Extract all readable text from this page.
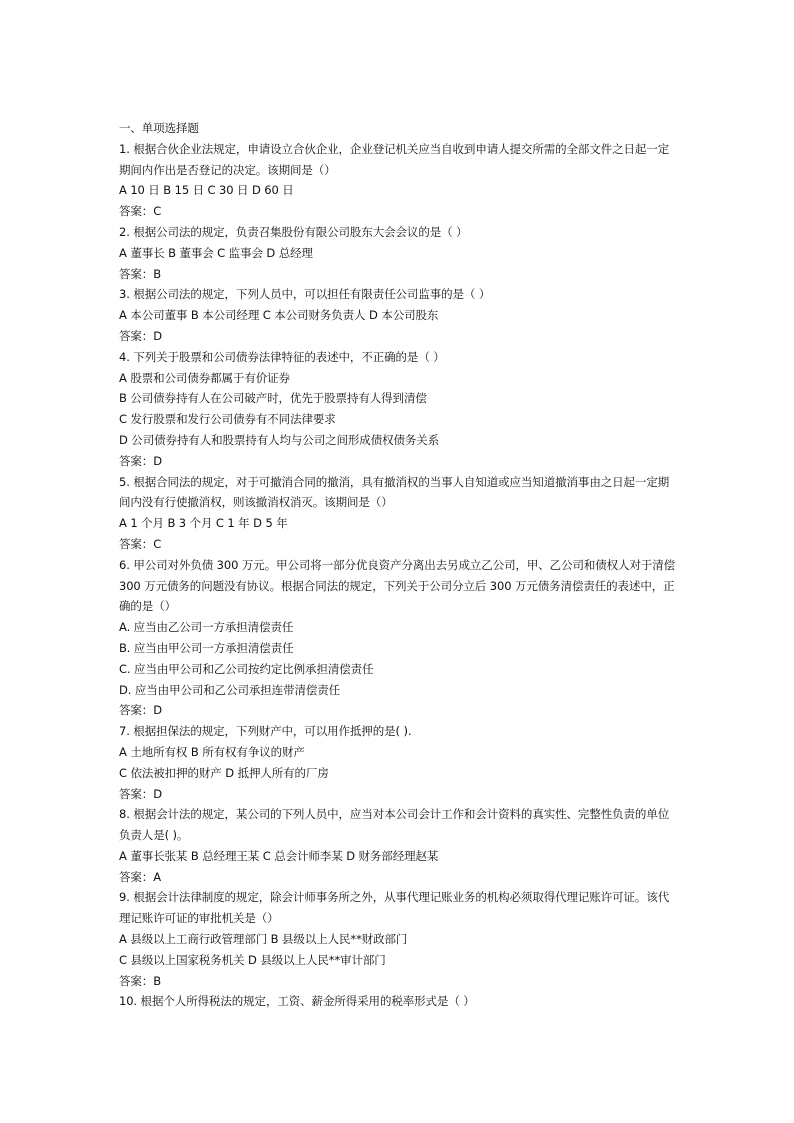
一、单项选择题
1. 根据合伙企业法规定，申请设立合伙企业，企业登记机关应当自收到申请人提交所需的全部文件之日起一定期间内作出是否登记的决定。该期间是（）
A 10 日 B 15 日 C 30 日 D 60 日
答案：C
2. 根据公司法的规定，负责召集股份有限公司股东大会会议的是（ ）
A 董事长 B 董事会 C 监事会 D 总经理
答案：B
3. 根据公司法的规定，下列人员中，可以担任有限责任公司监事的是（ ）
A 本公司董事 B 本公司经理 C 本公司财务负责人 D 本公司股东
答案：D
4. 下列关于股票和公司债券法律特征的表述中，不正确的是（ ）
A 股票和公司债券都属于有价证券
B 公司债券持有人在公司破产时，优先于股票持有人得到清偿
C 发行股票和发行公司债券有不同法律要求
D 公司债券持有人和股票持有人均与公司之间形成债权债务关系
答案：D
5. 根据合同法的规定，对于可撤消合同的撤消，具有撤消权的当事人自知道或应当知道撤消事由之日起一定期间内没有行使撤消权，则该撤消权消灭。该期间是（）
A 1 个月 B 3 个月 C 1 年 D 5 年
答案：C
6. 甲公司对外负债 300 万元。甲公司将一部分优良资产分离出去另成立乙公司，甲、乙公司和债权人对于清偿 300 万元债务的问题没有协议。根据合同法的规定，下列关于公司分立后 300 万元债务清偿责任的表述中，正确的是（）
A. 应当由乙公司一方承担清偿责任
B. 应当由甲公司一方承担清偿责任
C. 应当由甲公司和乙公司按约定比例承担清偿责任
D. 应当由甲公司和乙公司承担连带清偿责任
答案：D
7. 根据担保法的规定，下列财产中，可以用作抵押的是( ).
A 土地所有权 B 所有权有争议的财产
C 依法被扣押的财产 D 抵押人所有的厂房
答案：D
8. 根据会计法的规定，某公司的下列人员中，应当对本公司会计工作和会计资料的真实性、完整性负责的单位负责人是( )。
A 董事长张某 B 总经理王某 C 总会计师李某 D 财务部经理赵某
答案：A
9. 根据会计法律制度的规定，除会计师事务所之外，从事代理记账业务的机构必须取得代理记账许可证。该代理记账许可证的审批机关是（）
A 县级以上工商行政管理部门 B 县级以上人民**财政部门
C 县级以上国家税务机关 D 县级以上人民**审计部门
答案：B
10. 根据个人所得税法的规定，工资、薪金所得采用的税率形式是（ ）
